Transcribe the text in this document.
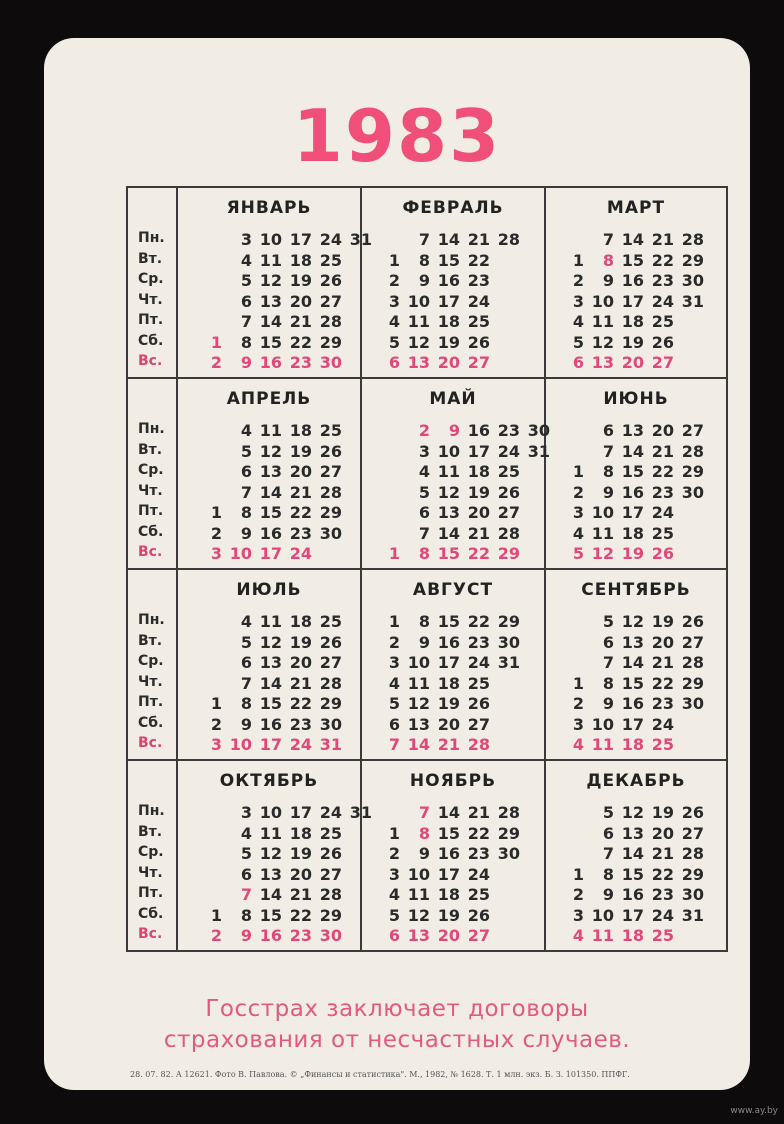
1983
Пн.
Вт.
Ср.
Чт.
Пт.
Сб.
Вс.
Пн.
Вт.
Ср.
Чт.
Пт.
Сб.
Вс.
Пн.
Вт.
Ср.
Чт.
Пт.
Сб.
Вс.
Пн.
Вт.
Ср.
Чт.
Пт.
Сб.
Вс.
ЯНВАРЬ
1
2
3
4
5
6
7
8
9
10
11
12
13
14
15
16
17
18
19
20
21
22
23
24
25
26
27
28
29
30
31
ФЕВРАЛЬ
1
2
3
4
5
6
7
8
9
10
11
12
13
14
15
16
17
18
19
20
21
22
23
24
25
26
27
28
МАРТ
1
2
3
4
5
6
7
8
9
10
11
12
13
14
15
16
17
18
19
20
21
22
23
24
25
26
27
28
29
30
31
АПРЕЛЬ
1
2
3
4
5
6
7
8
9
10
11
12
13
14
15
16
17
18
19
20
21
22
23
24
25
26
27
28
29
30
МАЙ
1
2
3
4
5
6
7
8
9
10
11
12
13
14
15
16
17
18
19
20
21
22
23
24
25
26
27
28
29
30
31
ИЮНЬ
1
2
3
4
5
6
7
8
9
10
11
12
13
14
15
16
17
18
19
20
21
22
23
24
25
26
27
28
29
30
ИЮЛЬ
1
2
3
4
5
6
7
8
9
10
11
12
13
14
15
16
17
18
19
20
21
22
23
24
25
26
27
28
29
30
31
АВГУСТ
1
2
3
4
5
6
7
8
9
10
11
12
13
14
15
16
17
18
19
20
21
22
23
24
25
26
27
28
29
30
31
СЕНТЯБРЬ
1
2
3
4
5
6
7
8
9
10
11
12
13
14
15
16
17
18
19
20
21
22
23
24
25
26
27
28
29
30
ОКТЯБРЬ
1
2
3
4
5
6
7
8
9
10
11
12
13
14
15
16
17
18
19
20
21
22
23
24
25
26
27
28
29
30
31
НОЯБРЬ
1
2
3
4
5
6
7
8
9
10
11
12
13
14
15
16
17
18
19
20
21
22
23
24
25
26
27
28
29
30
ДЕКАБРЬ
1
2
3
4
5
6
7
8
9
10
11
12
13
14
15
16
17
18
19
20
21
22
23
24
25
26
27
28
29
30
31
Госстрах заключает договоры
страхования от несчастных случаев.
28. 07. 82. А 12621. Фото В. Павлова. © „Финансы и статистика". М., 1982, № 1628. Т. 1 млн. экз. Б. З. 101350. ППФГ.
www.ay.by
